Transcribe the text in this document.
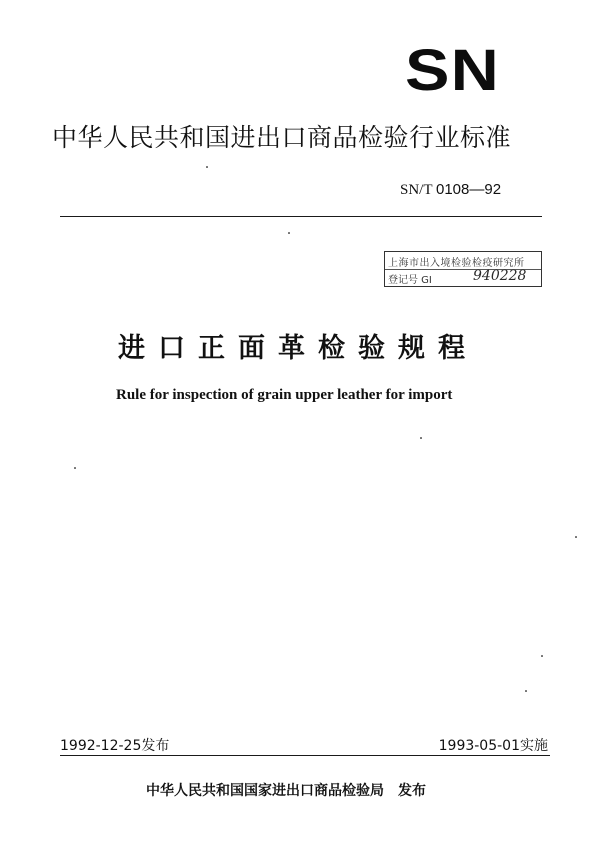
SN
中华人民共和国进出口商品检验行业标准
SN/T 0108—92
上海市出入境检验检疫研究所
登记号 GI	940228
进口正面革检验规程
Rule for inspection of grain upper leather for import
1992-12-25发布	1993-05-01实施
中华人民共和国国家进出口商品检验局　发布
